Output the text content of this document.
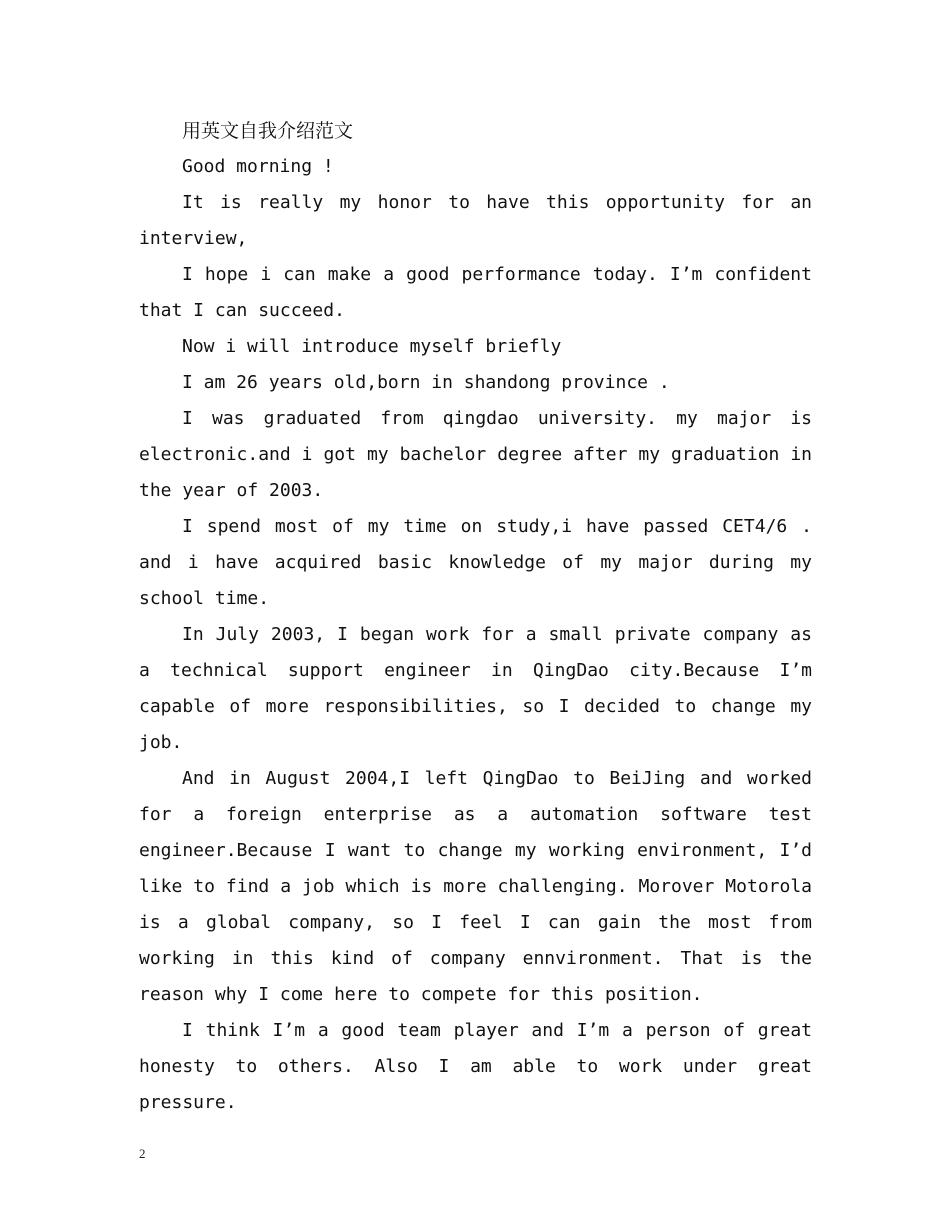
用英文自我介绍范文

Good morning !

It is really my honor to have this opportunity for an interview,

I hope i can make a good performance today. I’m confident that I can succeed.

Now i will introduce myself briefly

I am 26 years old,born in shandong province .

I was graduated from qingdao university. my major is electronic.and i got my bachelor degree after my graduation in the year of 2003.

I spend most of my time on study,i have passed CET4/6 . and i have acquired basic knowledge of my major during my school time.

In July 2003, I began work for a small private company as a technical support engineer in QingDao city.Because I’m capable of more responsibilities, so I decided to change my job.

And in August 2004,I left QingDao to BeiJing and worked for a foreign enterprise as a automation software test engineer.Because I want to change my working environment, I’d like to find a job which is more challenging. Morover Motorola is a global company, so I feel I can gain the most from working in this kind of company ennvironment. That is the reason why I come here to compete for this position.

I think I’m a good team player and I’m a person of great honesty to others. Also I am able to work under great pressure.

2
